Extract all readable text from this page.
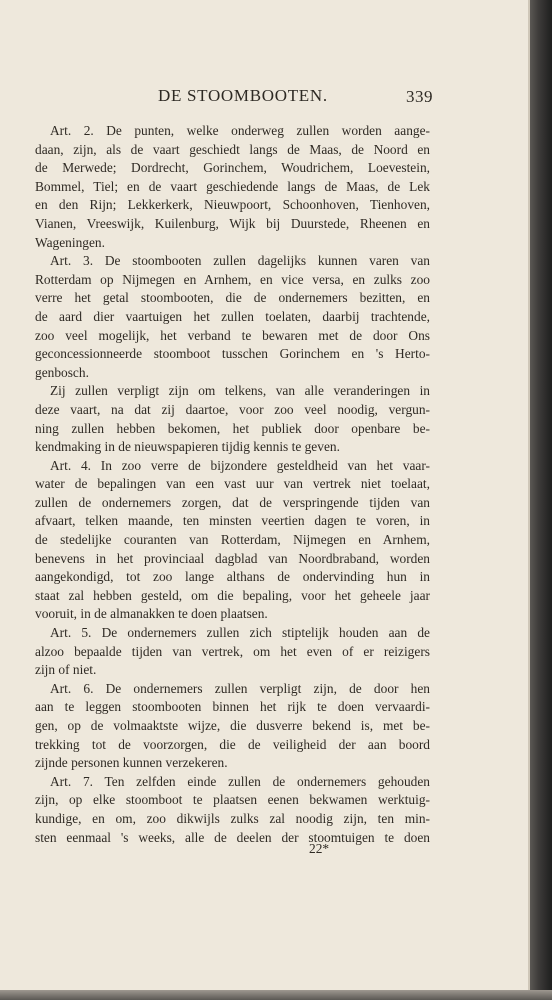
DE STOOMBOOTEN.	339
Art. 2. De punten, welke onderweg zullen worden aange-
daan, zijn, als de vaart geschiedt langs de Maas, de Noord en
de Merwede; Dordrecht, Gorinchem, Woudrichem, Loevestein,
Bommel, Tiel; en de vaart geschiedende langs de Maas, de Lek
en den Rijn; Lekkerkerk, Nieuwpoort, Schoonhoven, Tienhoven,
Vianen, Vreeswijk, Kuilenburg, Wijk bij Duurstede, Rheenen en
Wageningen.
Art. 3. De stoombooten zullen dagelijks kunnen varen van
Rotterdam op Nijmegen en Arnhem, en vice versa, en zulks zoo
verre het getal stoombooten, die de ondernemers bezitten, en
de aard dier vaartuigen het zullen toelaten, daarbij trachtende,
zoo veel mogelijk, het verband te bewaren met de door Ons
geconcessionneerde stoomboot tusschen Gorinchem en 's Herto-
genbosch.
Zij zullen verpligt zijn om telkens, van alle veranderingen in
deze vaart, na dat zij daartoe, voor zoo veel noodig, vergun-
ning zullen hebben bekomen, het publiek door openbare be-
kendmaking in de nieuwspapieren tijdig kennis te geven.
Art. 4. In zoo verre de bijzondere gesteldheid van het vaar-
water de bepalingen van een vast uur van vertrek niet toelaat,
zullen de ondernemers zorgen, dat de verspringende tijden van
afvaart, telken maande, ten minsten veertien dagen te voren, in
de stedelijke couranten van Rotterdam, Nijmegen en Arnhem,
benevens in het provinciaal dagblad van Noordbraband, worden
aangekondigd, tot zoo lange althans de ondervinding hun in
staat zal hebben gesteld, om die bepaling, voor het geheele jaar
vooruit, in de almanakken te doen plaatsen.
Art. 5. De ondernemers zullen zich stiptelijk houden aan de
alzoo bepaalde tijden van vertrek, om het even of er reizigers
zijn of niet.
Art. 6. De ondernemers zullen verpligt zijn, de door hen
aan te leggen stoombooten binnen het rijk te doen vervaardi-
gen, op de volmaaktste wijze, die dusverre bekend is, met be-
trekking tot de voorzorgen, die de veiligheid der aan boord
zijnde personen kunnen verzekeren.
Art. 7. Ten zelfden einde zullen de ondernemers gehouden
zijn, op elke stoomboot te plaatsen eenen bekwamen werktuig-
kundige, en om, zoo dikwijls zulks zal noodig zijn, ten min-
sten eenmaal 's weeks, alle de deelen der stoomtuigen te doen
22*
